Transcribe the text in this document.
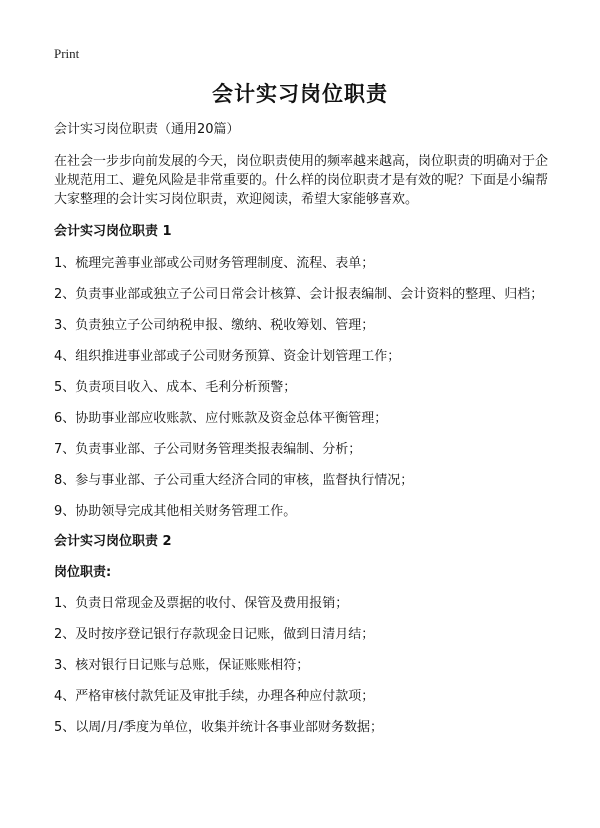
Print
会计实习岗位职责

会计实习岗位职责（通用20篇）

在社会一步步向前发展的今天，岗位职责使用的频率越来越高，岗位职责的明确对于企业规范用工、避免风险是非常重要的。什么样的岗位职责才是有效的呢？下面是小编帮大家整理的会计实习岗位职责，欢迎阅读，希望大家能够喜欢。

会计实习岗位职责 1

1、梳理完善事业部或公司财务管理制度、流程、表单；

2、负责事业部或独立子公司日常会计核算、会计报表编制、会计资料的整理、归档；

3、负责独立子公司纳税申报、缴纳、税收筹划、管理；

4、组织推进事业部或子公司财务预算、资金计划管理工作；

5、负责项目收入、成本、毛利分析预警；

6、协助事业部应收账款、应付账款及资金总体平衡管理；

7、负责事业部、子公司财务管理类报表编制、分析；

8、参与事业部、子公司重大经济合同的审核，监督执行情况；

9、协助领导完成其他相关财务管理工作。

会计实习岗位职责 2

岗位职责:

1、负责日常现金及票据的收付、保管及费用报销；

2、及时按序登记银行存款现金日记账，做到日清月结；

3、核对银行日记账与总账，保证账账相符；

4、严格审核付款凭证及审批手续，办理各种应付款项；

5、以周/月/季度为单位，收集并统计各事业部财务数据；
